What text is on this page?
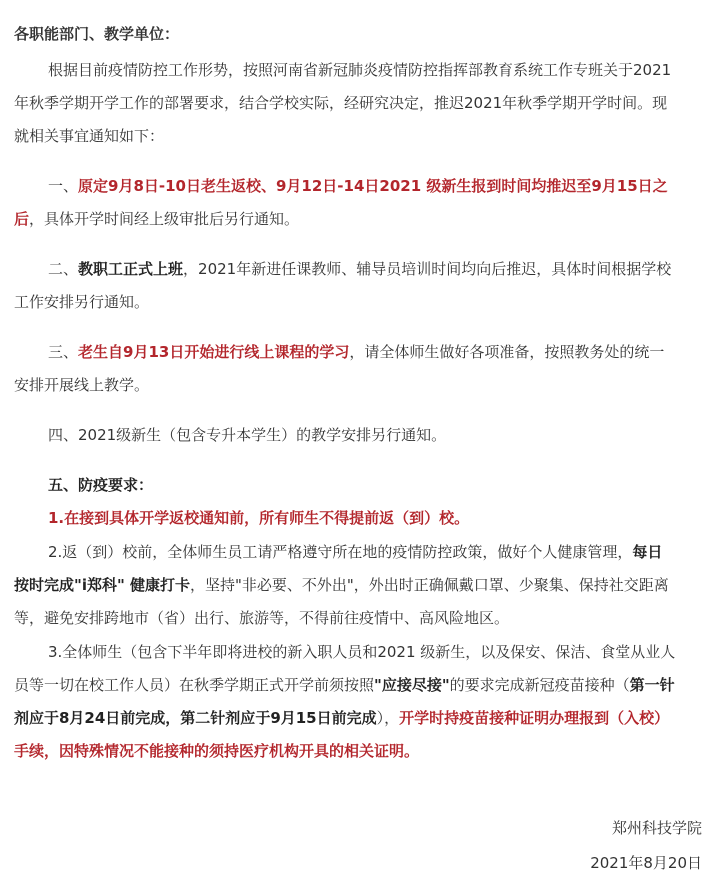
各职能部门、教学单位：
根据目前疫情防控工作形势，按照河南省新冠肺炎疫情防控指挥部教育系统工作专班关于2021
年秋季学期开学工作的部署要求，结合学校实际，经研究决定，推迟2021年秋季学期开学时间。现
就相关事宜通知如下：
一、原定9月8日-10日老生返校、9月12日-14日2021 级新生报到时间均推迟至9月15日之
后，具体开学时间经上级审批后另行通知。
二、教职工正式上班，2021年新进任课教师、辅导员培训时间均向后推迟，具体时间根据学校
工作安排另行通知。
三、老生自9月13日开始进行线上课程的学习，请全体师生做好各项准备，按照教务处的统一
安排开展线上教学。
四、2021级新生（包含专升本学生）的教学安排另行通知。
五、防疫要求：
1.在接到具体开学返校通知前，所有师生不得提前返（到）校。
2.返（到）校前，全体师生员工请严格遵守所在地的疫情防控政策，做好个人健康管理，每日
按时完成"i郑科" 健康打卡，坚持"非必要、不外出"，外出时正确佩戴口罩、少聚集、保持社交距离
等，避免安排跨地市（省）出行、旅游等，不得前往疫情中、高风险地区。
3.全体师生（包含下半年即将进校的新入职人员和2021 级新生，以及保安、保洁、食堂从业人
员等一切在校工作人员）在秋季学期正式开学前须按照"应接尽接"的要求完成新冠疫苗接种（第一针
剂应于8月24日前完成，第二针剂应于9月15日前完成），开学时持疫苗接种证明办理报到（入校）
手续，因特殊情况不能接种的须持医疗机构开具的相关证明。
郑州科技学院
2021年8月20日
